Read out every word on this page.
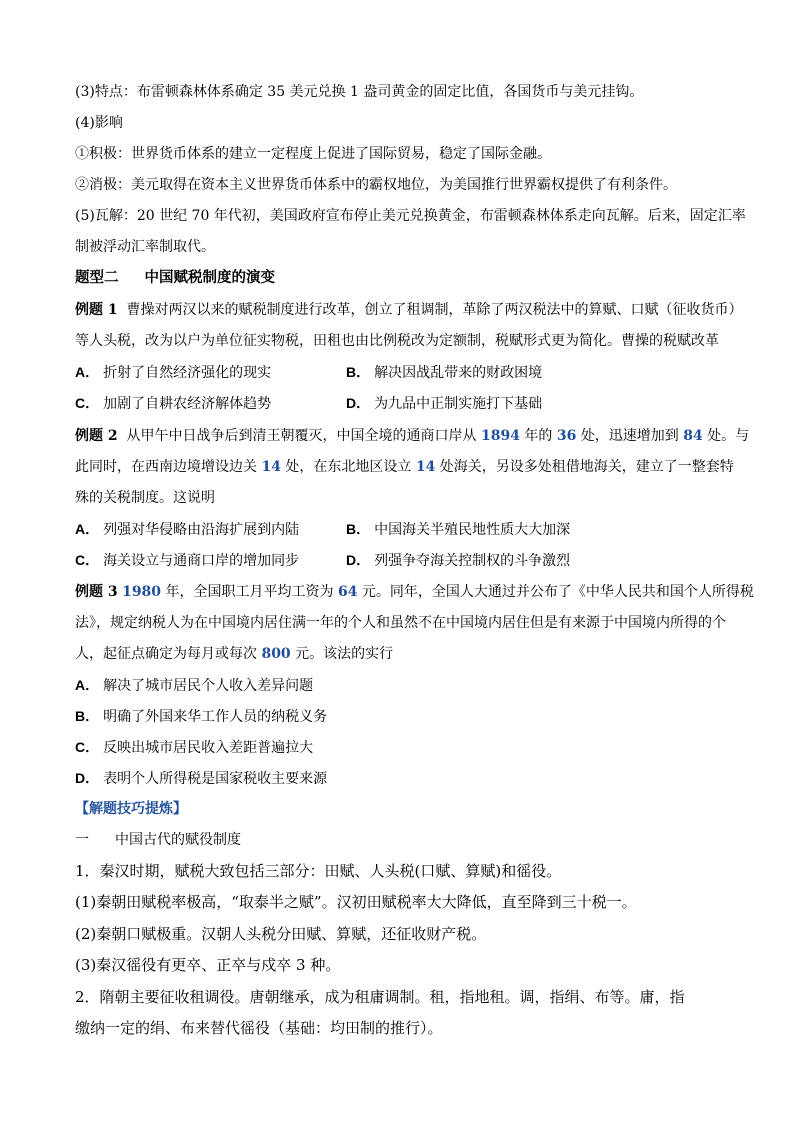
(3)特点：布雷顿森林体系确定 35 美元兑换 1 盎司黄金的固定比值，各国货币与美元挂钩。
(4)影响
①积极：世界货币体系的建立一定程度上促进了国际贸易，稳定了国际金融。
②消极：美元取得在资本主义世界货币体系中的霸权地位，为美国推行世界霸权提供了有利条件。
(5)瓦解：20 世纪 70 年代初，美国政府宣布停止美元兑换黄金，布雷顿森林体系走向瓦解。后来，固定汇率
制被浮动汇率制取代。
题型二 中国赋税制度的演变
例题 1 曹操对两汉以来的赋税制度进行改革，创立了租调制，革除了两汉税法中的算赋、口赋（征收货币）
等人头税，改为以户为单位征实物税，田租也由比例税改为定额制，税赋形式更为简化。曹操的税赋改革
A． 折射了自然经济强化的现实	B． 解决因战乱带来的财政困境
C． 加剧了自耕农经济解体趋势	D． 为九品中正制实施打下基础
例题 2 从甲午中日战争后到清王朝覆灭，中国全境的通商口岸从 1894 年的 36 处，迅速增加到 84 处。与
此同时，在西南边境增设边关 14 处，在东北地区设立 14 处海关，另设多处租借地海关，建立了一整套特
殊的关税制度。这说明
A． 列强对华侵略由沿海扩展到内陆	B． 中国海关半殖民地性质大大加深
C． 海关设立与通商口岸的增加同步	D． 列强争夺海关控制权的斗争激烈
例题 3 1980 年，全国职工月平均工资为 64 元。同年，全国人大通过并公布了《中华人民共和国个人所得税
法》，规定纳税人为在中国境内居住满一年的个人和虽然不在中国境内居住但是有来源于中国境内所得的个
人，起征点确定为每月或每次 800 元。该法的实行
A． 解决了城市居民个人收入差异问题
B． 明确了外国来华工作人员的纳税义务
C． 反映出城市居民收入差距普遍拉大
D． 表明个人所得税是国家税收主要来源
【解题技巧提炼】
一 中国古代的赋役制度
1．秦汉时期，赋税大致包括三部分：田赋、人头税(口赋、算赋)和徭役。
(1)秦朝田赋税率极高，“取泰半之赋”。汉初田赋税率大大降低，直至降到三十税一。
(2)秦朝口赋极重。汉朝人头税分田赋、算赋，还征收财产税。
(3)秦汉徭役有更卒、正卒与戍卒 3 种。
2．隋朝主要征收租调役。唐朝继承，成为租庸调制。租，指地租。调，指绢、布等。庸，指
缴纳一定的绢、布来替代徭役（基础：均田制的推行）。
